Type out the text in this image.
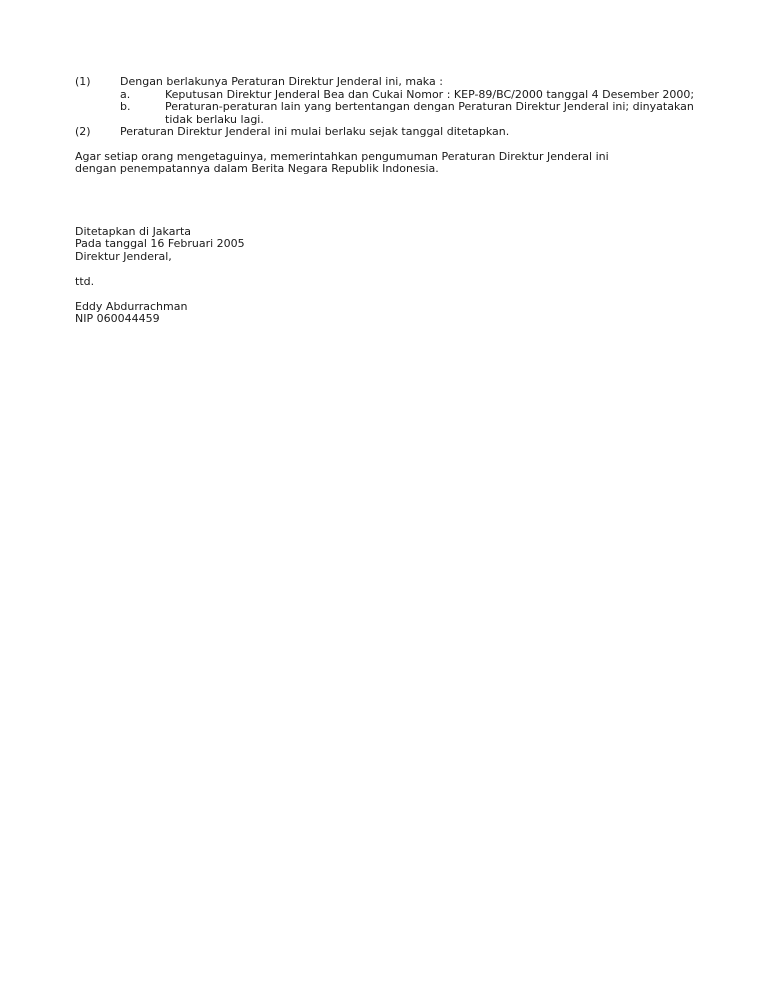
(1)	Dengan berlakunya Peraturan Direktur Jenderal ini, maka :
a.	Keputusan Direktur Jenderal Bea dan Cukai Nomor : KEP-89/BC/2000 tanggal 4 Desember 2000;
b.	Peraturan-peraturan lain yang bertentangan dengan Peraturan Direktur Jenderal ini; dinyatakan tidak berlaku lagi.
(2)	Peraturan Direktur Jenderal ini mulai berlaku sejak tanggal ditetapkan.
Agar setiap orang mengetaguinya, memerintahkan pengumuman Peraturan Direktur Jenderal ini dengan penempatannya dalam Berita Negara Republik Indonesia.
Ditetapkan di Jakarta
Pada tanggal 16 Februari 2005
Direktur Jenderal,
ttd.
Eddy Abdurrachman
NIP 060044459
